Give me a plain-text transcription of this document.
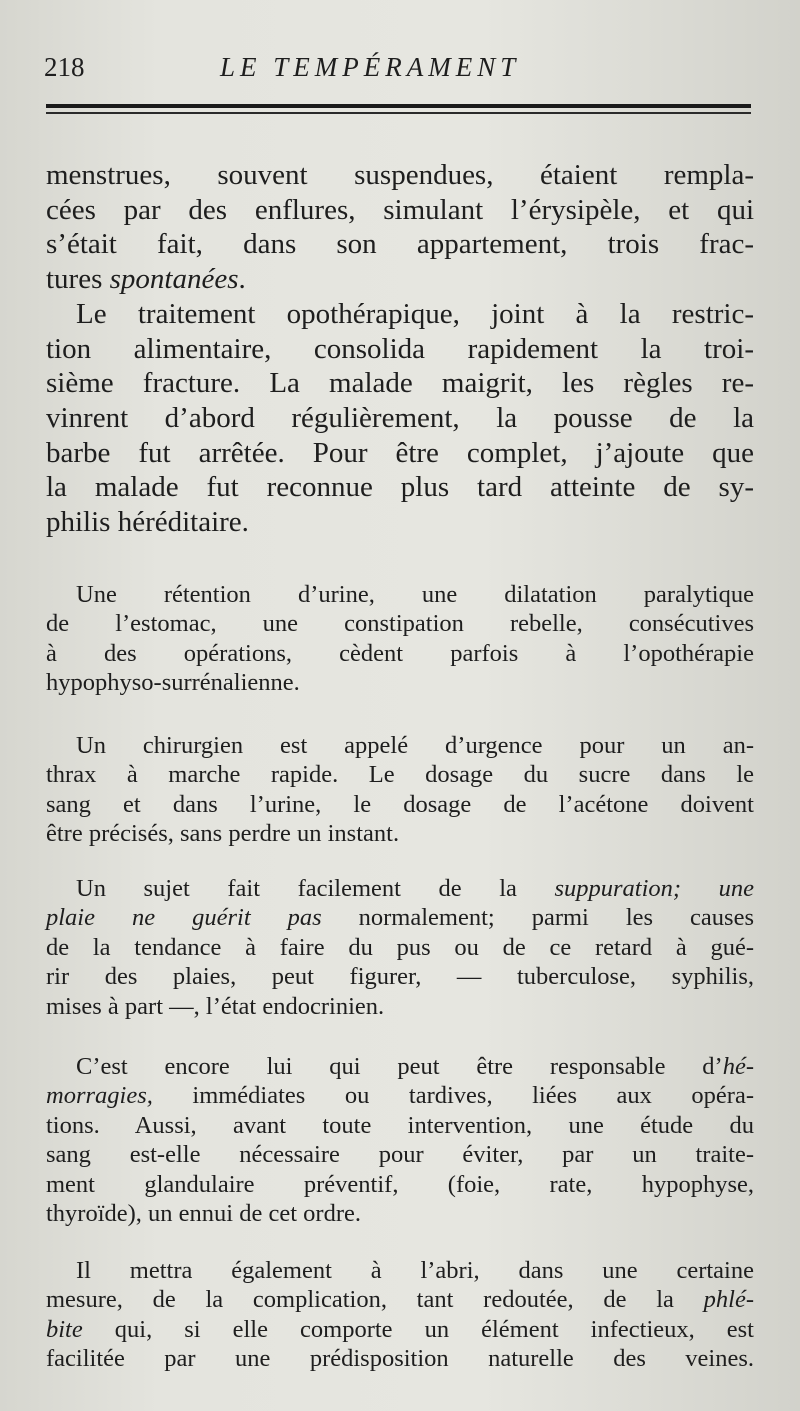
218	LE TEMPÉRAMENT

menstrues, souvent suspendues, étaient rempla-
cées par des enflures, simulant l’érysipèle, et qui
s’était fait, dans son appartement, trois frac-
tures spontanées.

Le traitement opothérapique, joint à la restric-
tion alimentaire, consolida rapidement la troi-
sième fracture. La malade maigrit, les règles re-
vinrent d’abord régulièrement, la pousse de la
barbe fut arrêtée. Pour être complet, j’ajoute que
la malade fut reconnue plus tard atteinte de sy-
philis héréditaire.

Une rétention d’urine, une dilatation paralytique
de l’estomac, une constipation rebelle, consécutives
à des opérations, cèdent parfois à l’opothérapie
hypophyso-surrénalienne.

Un chirurgien est appelé d’urgence pour un an-
thrax à marche rapide. Le dosage du sucre dans le
sang et dans l’urine, le dosage de l’acétone doivent
être précisés, sans perdre un instant.

Un sujet fait facilement de la suppuration; une
plaie ne guérit pas normalement; parmi les causes
de la tendance à faire du pus ou de ce retard à gué-
rir des plaies, peut figurer, — tuberculose, syphilis,
mises à part —, l’état endocrinien.

C’est encore lui qui peut être responsable d’hé-
morragies, immédiates ou tardives, liées aux opéra-
tions. Aussi, avant toute intervention, une étude du
sang est-elle nécessaire pour éviter, par un traite-
ment glandulaire préventif, (foie, rate, hypophyse,
thyroïde), un ennui de cet ordre.

Il mettra également à l’abri, dans une certaine
mesure, de la complication, tant redoutée, de la phlé-
bite qui, si elle comporte un élément infectieux, est
facilitée par une prédisposition naturelle des veines.
